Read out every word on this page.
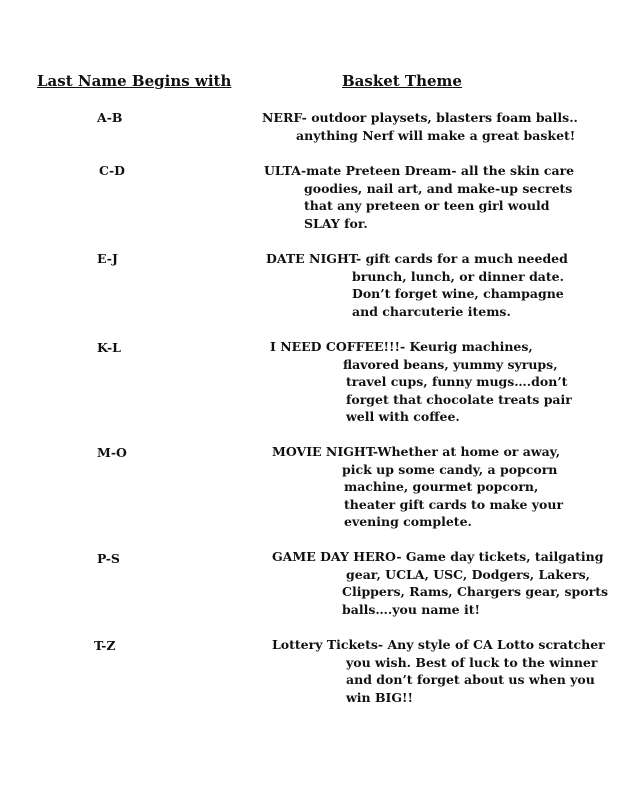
Last Name Begins with	Basket Theme
A-B	NERF- outdoor playsets, blasters foam balls..
anything Nerf will make a great basket!
C-D	ULTA-mate Preteen Dream- all the skin care
goodies, nail art, and make-up secrets
that any preteen or teen girl would
SLAY for.
E-J	DATE NIGHT- gift cards for a much needed
brunch, lunch, or dinner date.
Don’t forget wine, champagne
and charcuterie items.
K-L	I NEED COFFEE!!!- Keurig machines,
flavored beans, yummy syrups,
travel cups, funny mugs….don’t
forget that chocolate treats pair
well with coffee.
M-O	MOVIE NIGHT-Whether at home or away,
pick up some candy, a popcorn
machine, gourmet popcorn,
theater gift cards to make your
evening complete.
P-S	GAME DAY HERO- Game day tickets, tailgating
gear, UCLA, USC, Dodgers, Lakers,
Clippers, Rams, Chargers gear, sports
balls….you name it!
T-Z	Lottery Tickets- Any style of CA Lotto scratcher
you wish. Best of luck to the winner
and don’t forget about us when you
win BIG!!
